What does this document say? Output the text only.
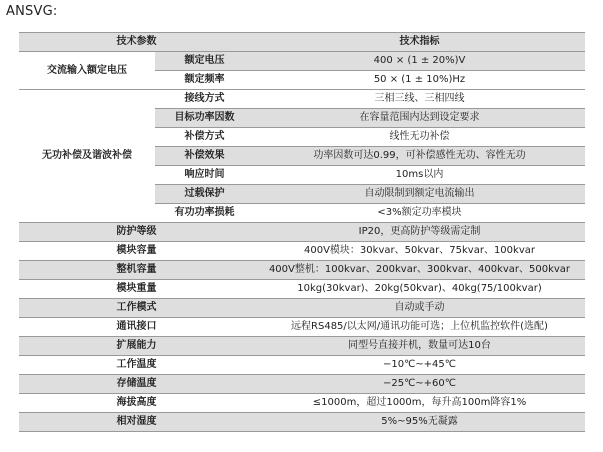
ANSVG:
技术参数		技术指标
交流输入额定电压	额定电压	400 × (1 ± 20%)V
	额定频率	50 × (1 ± 10%)Hz
无功补偿及谐波补偿	接线方式	三相三线、三相四线
	目标功率因数	在容量范围内达到设定要求
	补偿方式	线性无功补偿
	补偿效果	功率因数可达0.99，可补偿感性无功、容性无功
	响应时间	10ms以内
	过载保护	自动限制到额定电流输出
	有功功率损耗	<3%额定功率模块
防护等级		IP20，更高防护等级需定制
模块容量		400V模块：30kvar、50kvar、75kvar、100kvar
整机容量		400V整机：100kvar、200kvar、300kvar、400kvar、500kvar
模块重量		10kg(30kvar)、20kg(50kvar)、40kg(75/100kvar)
工作模式		自动或手动
通讯接口		远程RS485/以太网/通讯功能可选；上位机监控软件(选配)
扩展能力		同型号直接并机，数量可达10台
工作温度		−10℃~+45℃
存储温度		−25℃~+60℃
海拔高度		≤1000m，超过1000m，每升高100m降容1%
相对湿度		5%~95%无凝露
